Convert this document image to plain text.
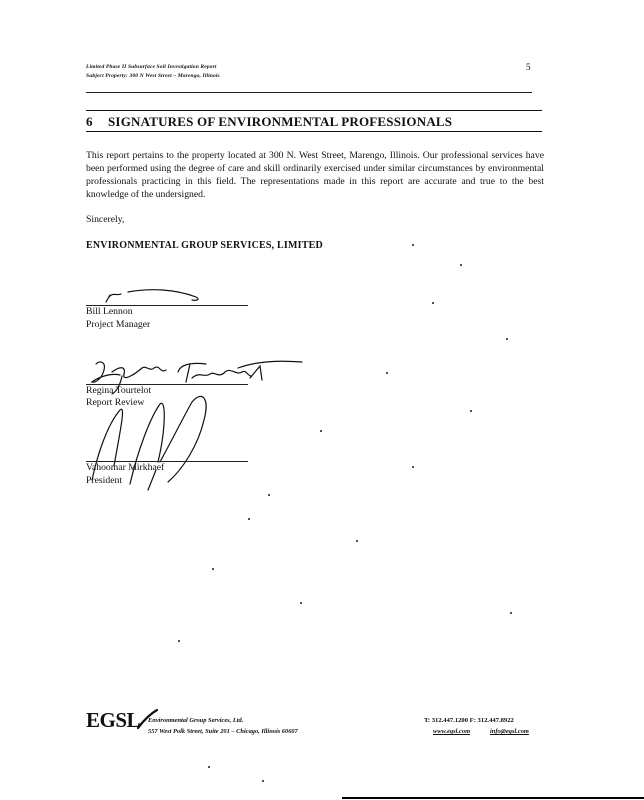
Limited Phase II Subsurface Soil Investigation Report
Subject Property: 300 N West Street – Marengo, Illinois
5
6 SIGNATURES OF ENVIRONMENTAL PROFESSIONALS
This report pertains to the property located at 300 N. West Street, Marengo, Illinois. Our professional services have been performed using the degree of care and skill ordinarily exercised under similar circumstances by environmental professionals practicing in this field. The representations made in this report are accurate and true to the best knowledge of the undersigned.
Sincerely,
ENVIRONMENTAL GROUP SERVICES, LIMITED
Bill Lennon
Project Manager
Regina Tourtelot
Report Review
Vahoomar Mirkhaef
President
EGSL	Environmental Group Services, Ltd.
557 West Polk Street, Suite 201 – Chicago, Illinois 60607
T: 312.447.1200 F: 312.447.8922
www.egsl.com	info@egsl.com
